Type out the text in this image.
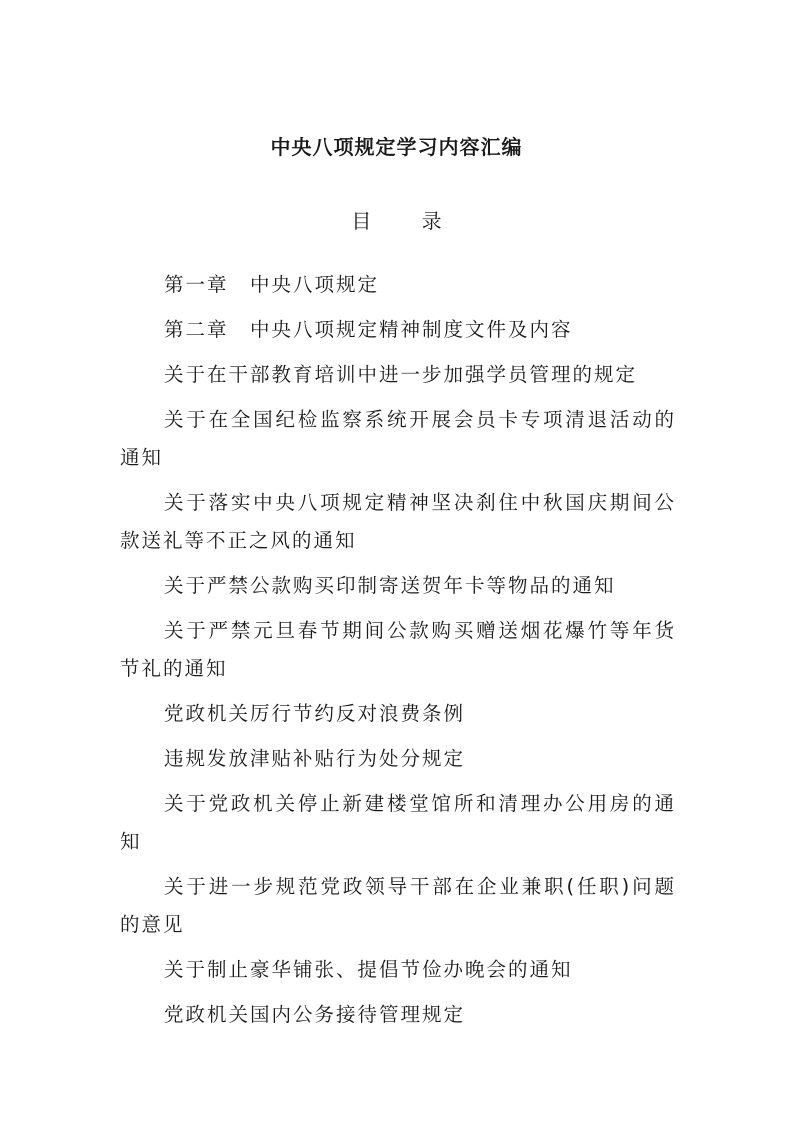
中央八项规定学习内容汇编
目 录
第一章　中央八项规定
第二章　中央八项规定精神制度文件及内容
关于在干部教育培训中进一步加强学员管理的规定
关于在全国纪检监察系统开展会员卡专项清退活动的通知
关于落实中央八项规定精神坚决刹住中秋国庆期间公款送礼等不正之风的通知
关于严禁公款购买印制寄送贺年卡等物品的通知
关于严禁元旦春节期间公款购买赠送烟花爆竹等年货节礼的通知
党政机关厉行节约反对浪费条例
违规发放津贴补贴行为处分规定
关于党政机关停止新建楼堂馆所和清理办公用房的通知
关于进一步规范党政领导干部在企业兼职(任职)问题的意见
关于制止豪华铺张、提倡节俭办晚会的通知
党政机关国内公务接待管理规定
